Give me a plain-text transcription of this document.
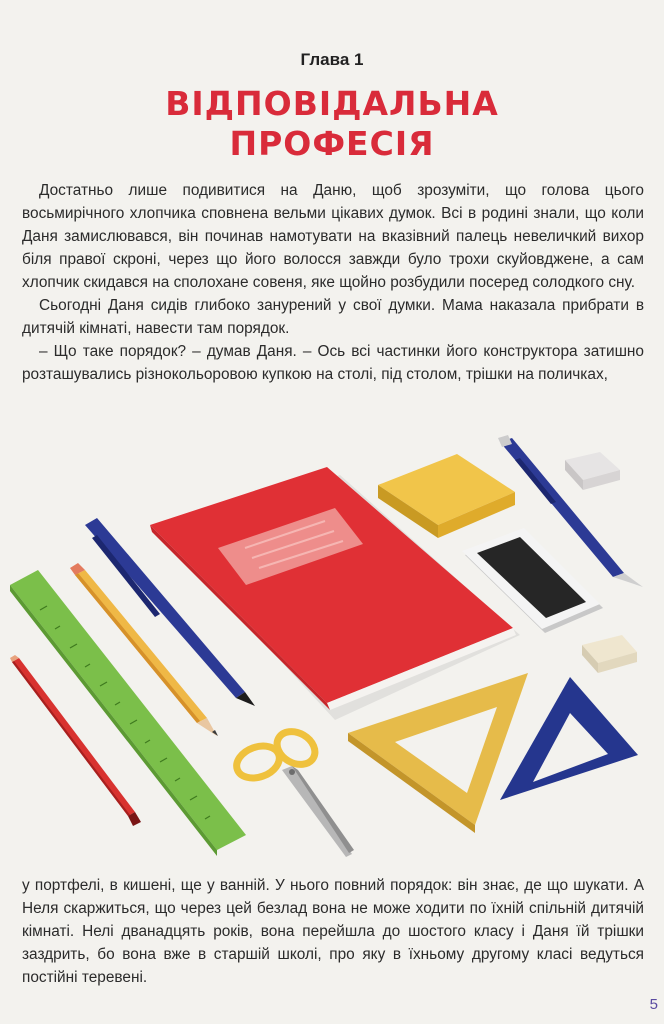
Глава 1
ВІДПОВІДАЛЬНА
ПРОФЕСІЯ

Достатньо лише подивитися на Даню, щоб зрозуміти, що голова цього восьмирічного хлопчика сповнена вельми цікавих думок. Всі в родині знали, що коли Даня замислювався, він починав намотувати на вказівний палець невеличкий вихор біля правої скроні, через що його волосся завжди було трохи скуйовджене, а сам хлопчик скидався на сполохане совеня, яке щойно розбудили посеред солодкого сну.

Сьогодні Даня сидів глибоко занурений у свої думки. Мама наказала прибрати в дитячій кімнаті, навести там порядок.

– Що таке порядок? – думав Даня. – Ось всі частинки його конструктора затишно розташувались різнокольоровою купкою на столі, під столом, трішки на поличках,

у портфелі, в кишені, ще у ванній. У нього повний порядок: він знає, де що шукати. А Неля скаржиться, що через цей безлад вона не може ходити по їхній спільній дитячій кімнаті. Нелі дванадцять років, вона перейшла до шостого класу і Даня їй трішки заздрить, бо вона вже в старшій школі, про яку в їхньому другому класі ведуться постійні теревені.

5
